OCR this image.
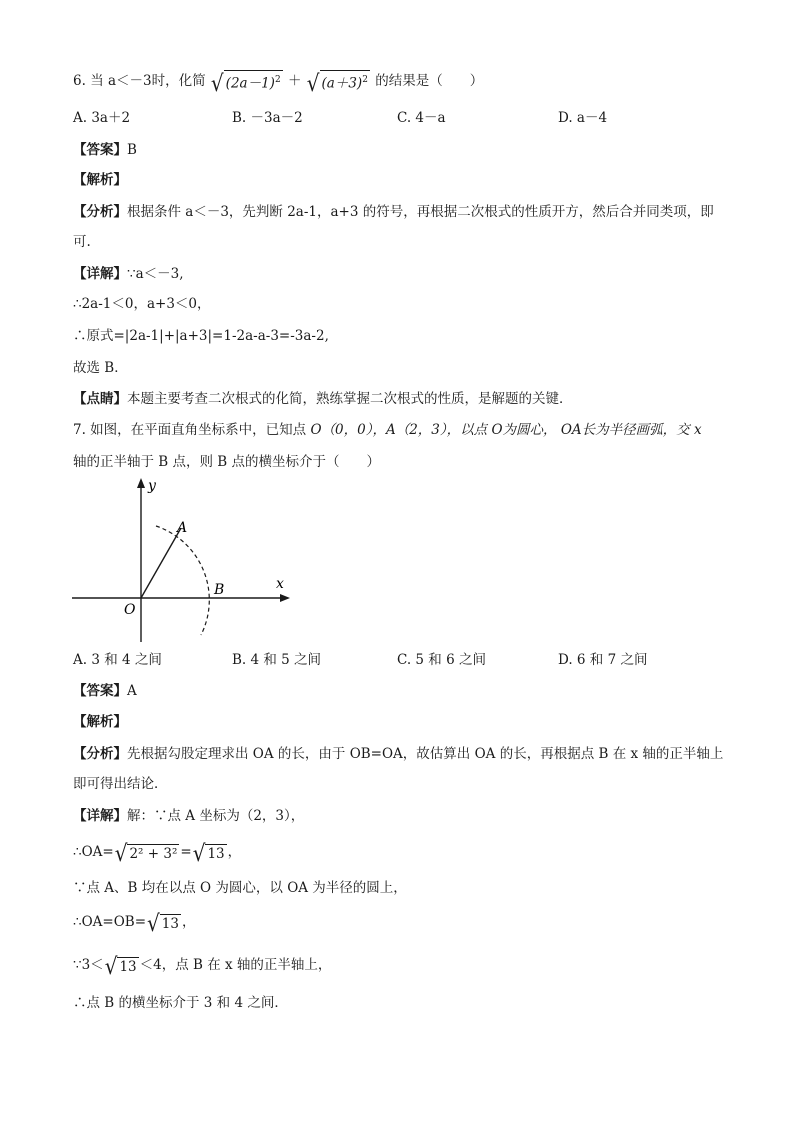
6. 当 a＜－3时，化简 √ $(2a-1)^2$ ＋ √ $(a+3)^2$ 的结果是（　　）
A. 3a＋2	B. －3a－2	C. 4－a	D. a－4
【答案】B
【解析】
【分析】根据条件 a＜－3，先判断 2a-1，a+3 的符号，再根据二次根式的性质开方，然后合并同类项，即
可.
【详解】∵a＜－3,
∴2a-1＜0，a+3＜0，
∴原式=|2a-1|+|a+3|=1-2a-a-3=-3a-2,
故选 B．
【点睛】本题主要考查二次根式的化简，熟练掌握二次根式的性质，是解题的关键．
7. 如图，在平面直角坐标系中，已知点 O（0，0），A（2，3），以点 O为圆心， OA长为半径画弧，交 x
轴的正半轴于 B 点，则 B 点的横坐标介于（　　）
y
x
A
B
O
A. 3 和 4 之间	B. 4 和 5 之间	C. 5 和 6 之间	D. 6 和 7 之间
【答案】A
【解析】
【分析】先根据勾股定理求出 OA 的长，由于 OB=OA，故估算出 OA 的长，再根据点 B 在 x 轴的正半轴上
即可得出结论．
【详解】解：∵点 A 坐标为（2，3），
∴OA= √ 2² + 3² = √ 13 ，
∵点 A、B 均在以点 O 为圆心，以 OA 为半径的圆上，
∴OA=OB= √ 13 ，
∵3＜ √ 13 ＜4，点 B 在 x 轴的正半轴上，
∴点 B 的横坐标介于 3 和 4 之间．
